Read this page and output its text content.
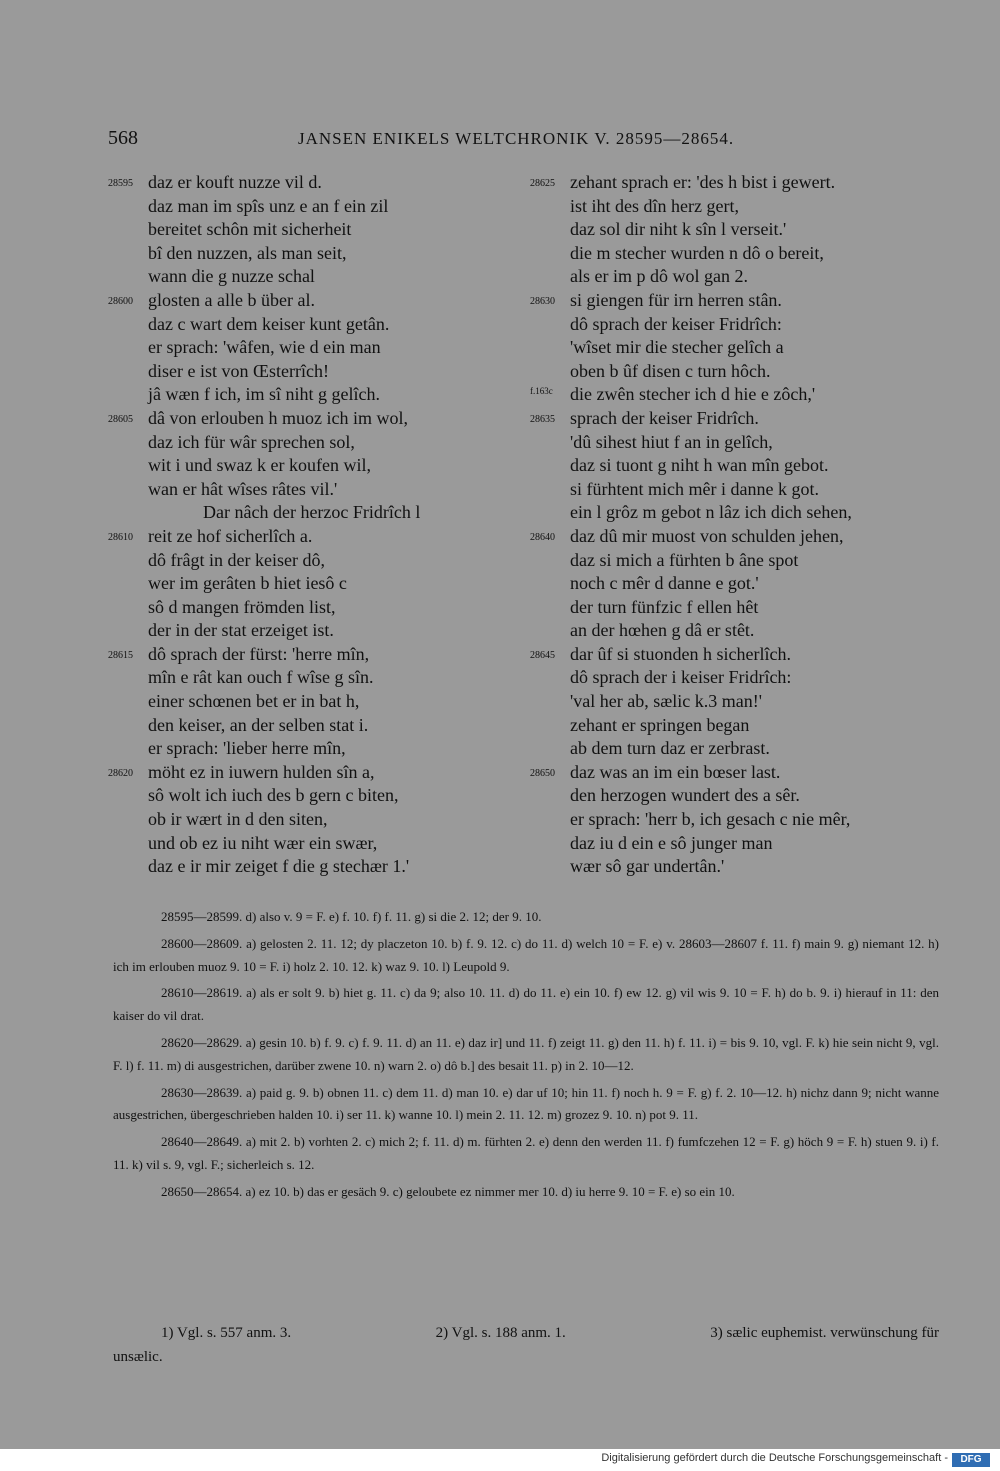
568	JANSEN ENIKELS WELTCHRONIK V. 28595—28654.
28595 daz er kouft nuzze vil d.
daz man im spîs unz e an f ein zil
bereitet schôn mit sicherheit
bî den nuzzen, als man seit,
wann die g nuzze schal
28600 glosten a alle b über al.
daz c wart dem keiser kunt getân.
er sprach: 'wâfen, wie d ein man
diser e ist von Œsterrîch!
jâ wæn f ich, im sî niht g gelîch.
28605 dâ von erlouben h muoz ich im wol,
daz ich für wâr sprechen sol,
wit i und swaz k er koufen wil,
wan er hât wîses râtes vil.'
Dar nâch der herzoc Fridrîch l
28610 reit ze hof sicherlîch a.
dô frâgt in der keiser dô,
wer im gerâten b hiet iesô c
sô d mangen frömden list,
der in der stat erzeiget ist.
28615 dô sprach der fürst: 'herre mîn,
mîn e rât kan ouch f wîse g sîn.
einer schœnen bet er in bat h,
den keiser, an der selben stat i.
er sprach: 'lieber herre mîn,
28620 möht ez in iuwern hulden sîn a,
sô wolt ich iuch des b gern c biten,
ob ir wært in d den siten,
und ob ez iu niht wær ein swær,
daz e ir mir zeiget f die g stechær 1.'
28625 zehant sprach er: 'des h bist i gewert.
ist iht des dîn herz gert,
daz sol dir niht k sîn l verseit.'
die m stecher wurden n dô o bereit,
als er im p dô wol gan 2.
28630 si giengen für irn herren stân.
dô sprach der keiser Fridrîch:
'wîset mir die stecher gelîch a
oben b ûf disen c turn hôch.
f.163c die zwên stecher ich d hie e zôch,'
28635 sprach der keiser Fridrîch.
'dû sihest hiut f an in gelîch,
daz si tuont g niht h wan mîn gebot.
si fürhtent mich mêr i danne k got.
ein l grôz m gebot n lâz ich dich sehen,
28640 daz dû mir muost von schulden jehen,
daz si mich a fürhten b âne spot
noch c mêr d danne e got.'
der turn fünfzic f ellen hêt
an der hœhen g dâ er stêt.
28645 dar ûf si stuonden h sicherlîch.
dô sprach der i keiser Fridrîch:
'val her ab, sælic k.3 man!'
zehant er springen began
ab dem turn daz er zerbrast.
28650 daz was an im ein bœser last.
den herzogen wundert des a sêr.
er sprach: 'herr b, ich gesach c nie mêr,
daz iu d ein e sô junger man
wær sô gar undertân.'
28595—28599. d) also v. 9 = F. e) f. 10. f) f. 11. g) si die 2. 12; der 9. 10.
28600—28609. a) gelosten 2. 11. 12; dy placzeton 10. b) f. 9. 12. c) do 11. d) welch 10 = F. e) v. 28603—28607 f. 11. f) main 9. g) niemant 12. h) ich im erlouben muoz 9. 10 = F. i) holz 2. 10. 12. k) waz 9. 10. l) Leupold 9.
28610—28619. a) als er solt 9. b) hiet g. 11. c) da 9; also 10. 11. d) do 11. e) ein 10. f) ew 12. g) vil wis 9. 10 = F. h) do b. 9. i) hierauf in 11: den kaiser do vil drat.
28620—28629. a) gesin 10. b) f. 9. c) f. 9. 11. d) an 11. e) daz ir] und 11. f) zeigt 11. g) den 11. h) f. 11. i) = bis 9. 10, vgl. F. k) hie sein nicht 9, vgl. F. l) f. 11. m) di ausgestrichen, darüber zwene 10. n) warn 2. o) dô b.] des besait 11. p) in 2. 10—12.
28630—28639. a) paid g. 9. b) obnen 11. c) dem 11. d) man 10. e) dar uf 10; hin 11. f) noch h. 9 = F. g) f. 2. 10—12. h) nichz dann 9; nicht wanne ausgestrichen, übergeschrieben halden 10. i) ser 11. k) wanne 10. l) mein 2. 11. 12. m) grozez 9. 10. n) pot 9. 11.
28640—28649. a) mit 2. b) vorhten 2. c) mich 2; f. 11. d) m. fürhten 2. e) denn den werden 11. f) fumfczehen 12 = F. g) höch 9 = F. h) stuen 9. i) f. 11. k) vil s. 9, vgl. F.; sicherleich s. 12.
28650—28654. a) ez 10. b) das er gesäch 9. c) geloubete ez nimmer mer 10. d) iu herre 9. 10 = F. e) so ein 10.
1) Vgl. s. 557 anm. 3.	2) Vgl. s. 188 anm. 1.	3) sælic euphemist. verwünschung für
unsælic.
Digitalisierung gefördert durch die Deutsche Forschungsgemeinschaft -	DFG
